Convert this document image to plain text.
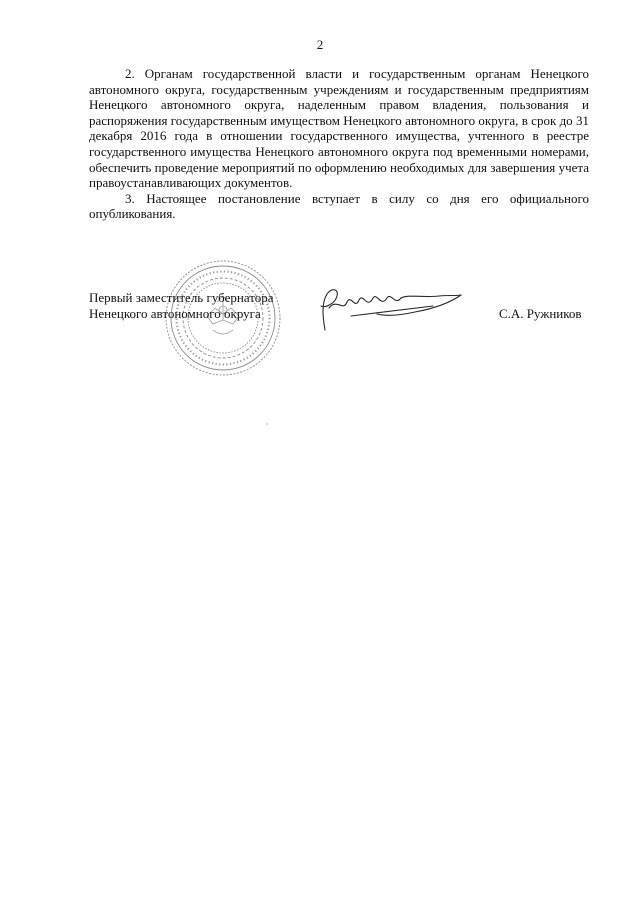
2

2. Органам государственной власти и государственным органам Ненецкого автономного округа, государственным учреждениям и государственным предприятиям Ненецкого автономного округа, наделенным правом владения, пользования и распоряжения государственным имуществом Ненецкого автономного округа, в срок до 31 декабря 2016 года в отношении государственного имущества, учтенного в реестре государственного имущества Ненецкого автономного округа под временными номерами, обеспечить проведение мероприятий по оформлению необходимых для завершения учета правоустанавливающих документов.

3. Настоящее постановление вступает в силу со дня его официального опубликования.

Первый заместитель губернатора
Ненецкого автономного округа	С.А. Ружников
